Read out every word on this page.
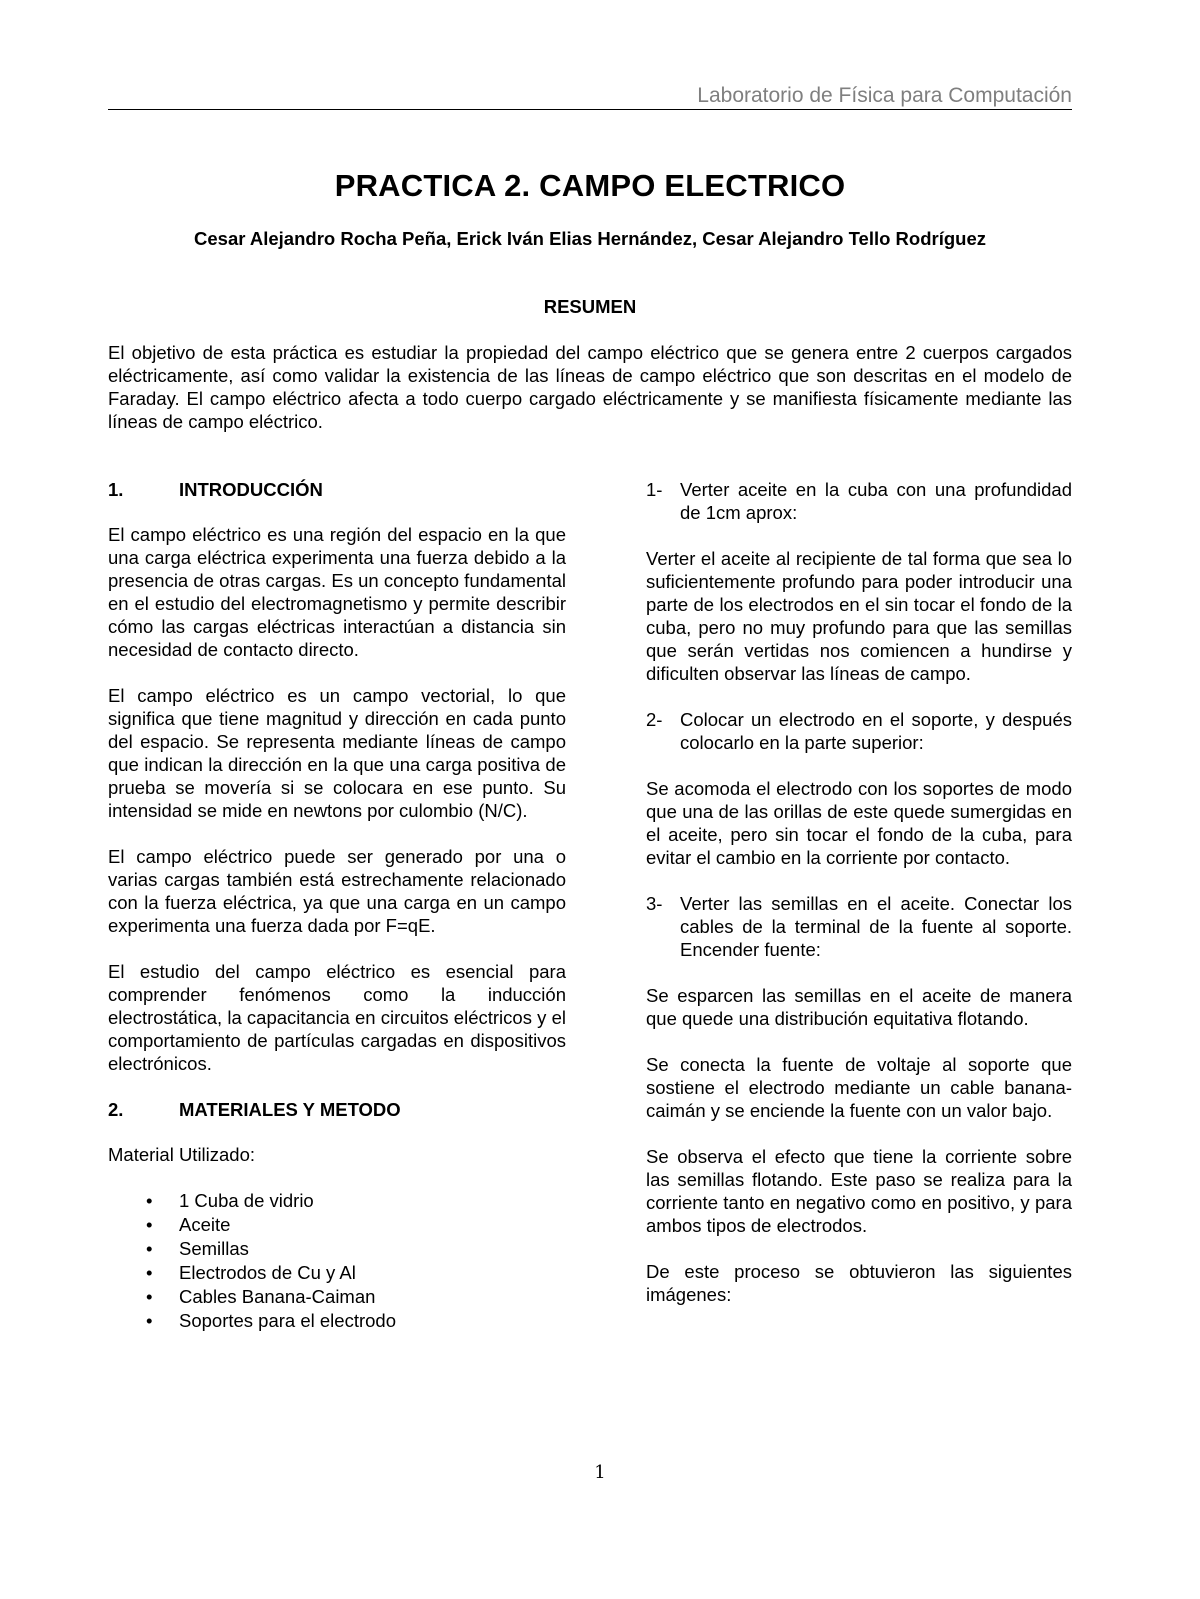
Laboratorio de Física para Computación
PRACTICA 2. CAMPO ELECTRICO
Cesar Alejandro Rocha Peña, Erick Iván Elias Hernández, Cesar Alejandro Tello Rodríguez
RESUMEN
El objetivo de esta práctica es estudiar la propiedad del campo eléctrico que se genera entre 2 cuerpos cargados eléctricamente, así como validar la existencia de las líneas de campo eléctrico que son descritas en el modelo de Faraday. El campo eléctrico afecta a todo cuerpo cargado eléctricamente y se manifiesta físicamente mediante las líneas de campo eléctrico.
1.	INTRODUCCIÓN

El campo eléctrico es una región del espacio en la que una carga eléctrica experimenta una fuerza debido a la presencia de otras cargas. Es un concepto fundamental en el estudio del electromagnetismo y permite describir cómo las cargas eléctricas interactúan a distancia sin necesidad de contacto directo.

El campo eléctrico es un campo vectorial, lo que significa que tiene magnitud y dirección en cada punto del espacio. Se representa mediante líneas de campo que indican la dirección en la que una carga positiva de prueba se movería si se colocara en ese punto. Su intensidad se mide en newtons por culombio (N/C).

El campo eléctrico puede ser generado por una o varias cargas también está estrechamente relacionado con la fuerza eléctrica, ya que una carga en un campo experimenta una fuerza dada por F=qE.

El estudio del campo eléctrico es esencial para comprender fenómenos como la inducción electrostática, la capacitancia en circuitos eléctricos y el comportamiento de partículas cargadas en dispositivos electrónicos.

2.	MATERIALES Y METODO

Material Utilizado:

• 1 Cuba de vidrio
• Aceite
• Semillas
• Electrodos de Cu y Al
• Cables Banana-Caiman
• Soportes para el electrodo
1- Verter aceite en la cuba con una profundidad de 1cm aprox:

Verter el aceite al recipiente de tal forma que sea lo suficientemente profundo para poder introducir una parte de los electrodos en el sin tocar el fondo de la cuba, pero no muy profundo para que las semillas que serán vertidas nos comiencen a hundirse y dificulten observar las líneas de campo.

2- Colocar un electrodo en el soporte, y después colocarlo en la parte superior:

Se acomoda el electrodo con los soportes de modo que una de las orillas de este quede sumergidas en el aceite, pero sin tocar el fondo de la cuba, para evitar el cambio en la corriente por contacto.

3- Verter las semillas en el aceite. Conectar los cables de la terminal de la fuente al soporte. Encender fuente:

Se esparcen las semillas en el aceite de manera que quede una distribución equitativa flotando.

Se conecta la fuente de voltaje al soporte que sostiene el electrodo mediante un cable banana-caimán y se enciende la fuente con un valor bajo.

Se observa el efecto que tiene la corriente sobre las semillas flotando. Este paso se realiza para la corriente tanto en negativo como en positivo, y para ambos tipos de electrodos.

De este proceso se obtuvieron las siguientes imágenes:

1
